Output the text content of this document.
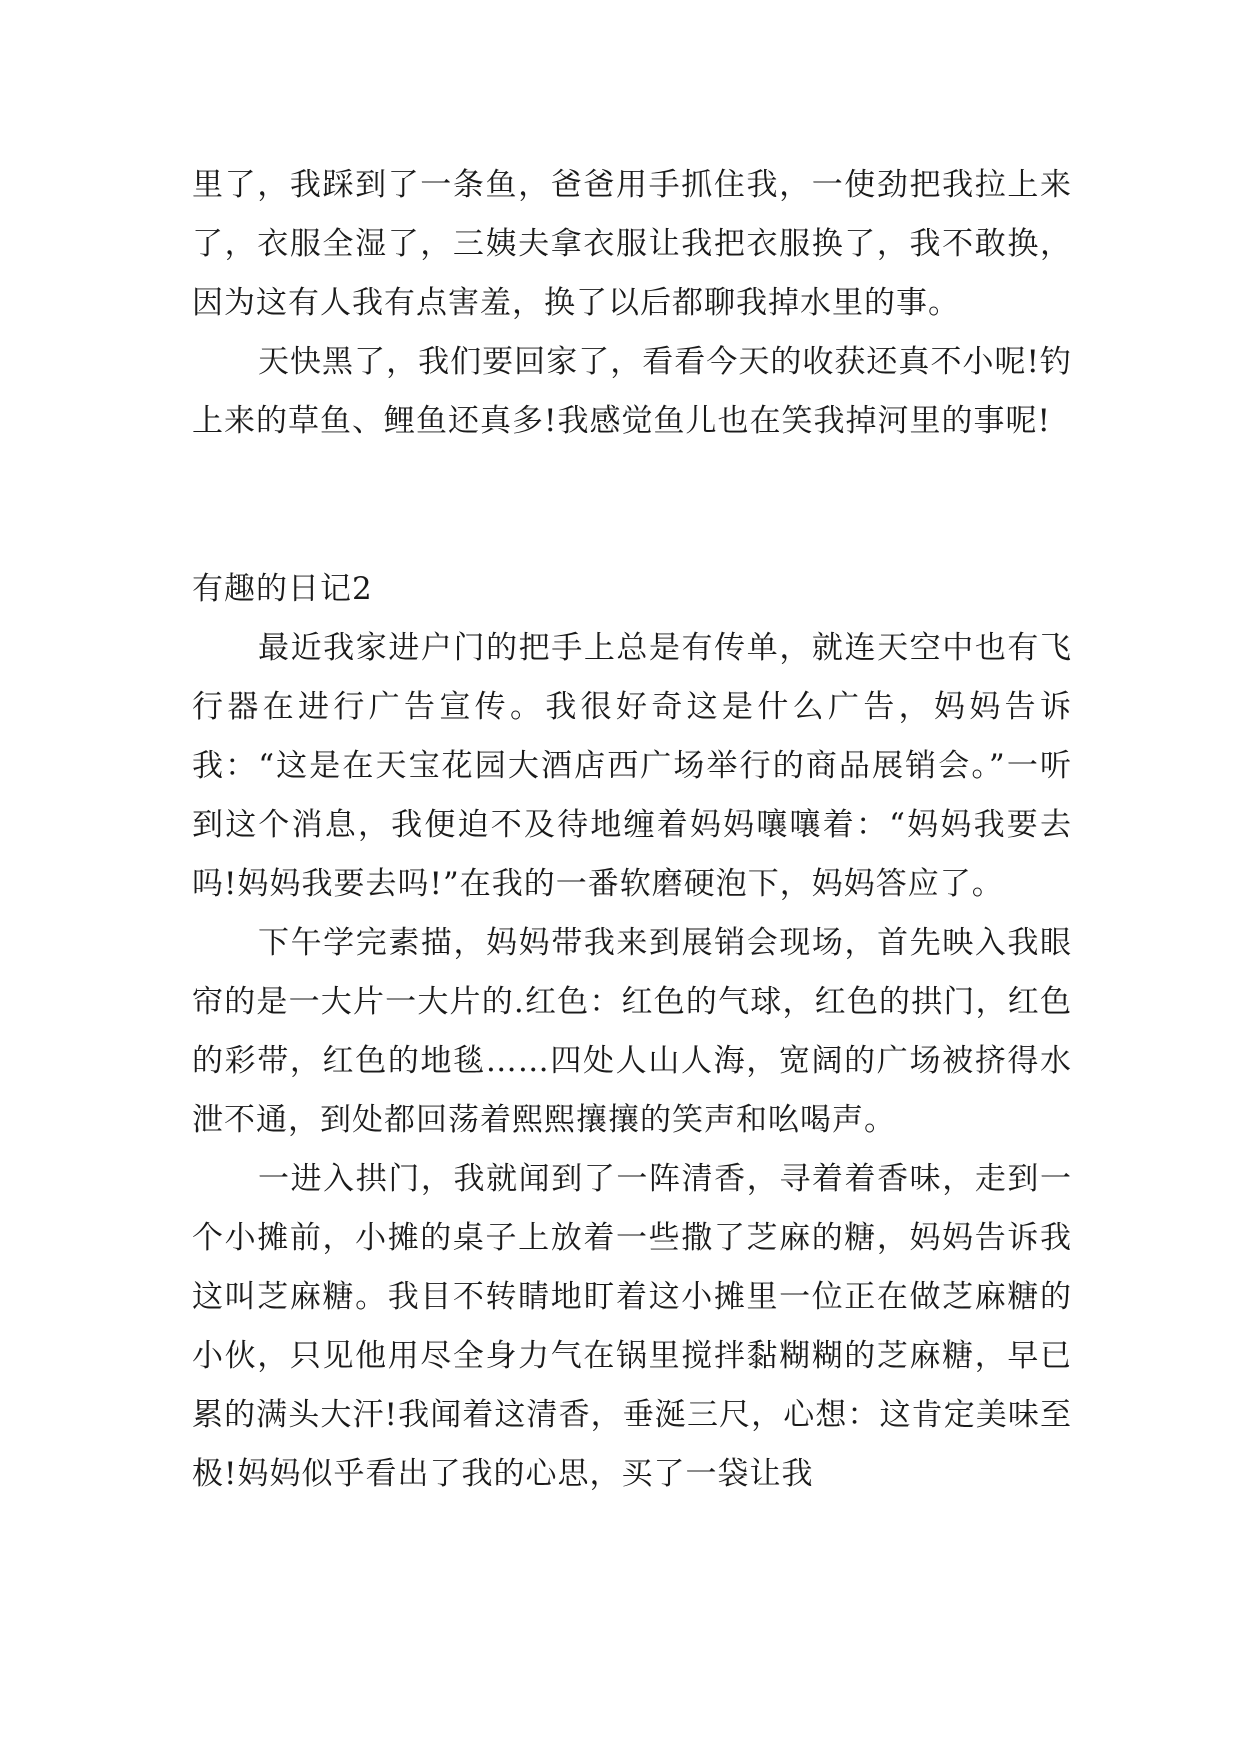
里了，我踩到了一条鱼，爸爸用手抓住我，一使劲把我拉上来了，衣服全湿了，三姨夫拿衣服让我把衣服换了，我不敢换，因为这有人我有点害羞，换了以后都聊我掉水里的事。

天快黑了，我们要回家了，看看今天的收获还真不小呢!钓上来的草鱼、鲤鱼还真多!我感觉鱼儿也在笑我掉河里的事呢!

有趣的日记2

最近我家进户门的把手上总是有传单，就连天空中也有飞行器在进行广告宣传。我很好奇这是什么广告，妈妈告诉我：“这是在天宝花园大酒店西广场举行的商品展销会。”一听到这个消息，我便迫不及待地缠着妈妈嚷嚷着：“妈妈我要去吗!妈妈我要去吗!”在我的一番软磨硬泡下，妈妈答应了。

下午学完素描，妈妈带我来到展销会现场，首先映入我眼帘的是一大片一大片的.红色：红色的气球，红色的拱门，红色的彩带，红色的地毯……四处人山人海，宽阔的广场被挤得水泄不通，到处都回荡着熙熙攘攘的笑声和吆喝声。

一进入拱门，我就闻到了一阵清香，寻着着香味，走到一个小摊前，小摊的桌子上放着一些撒了芝麻的糖，妈妈告诉我这叫芝麻糖。我目不转睛地盯着这小摊里一位正在做芝麻糖的小伙，只见他用尽全身力气在锅里搅拌黏糊糊的芝麻糖，早已累的满头大汗!我闻着这清香，垂涎三尺，心想：这肯定美味至极!妈妈似乎看出了我的心思，买了一袋让我
